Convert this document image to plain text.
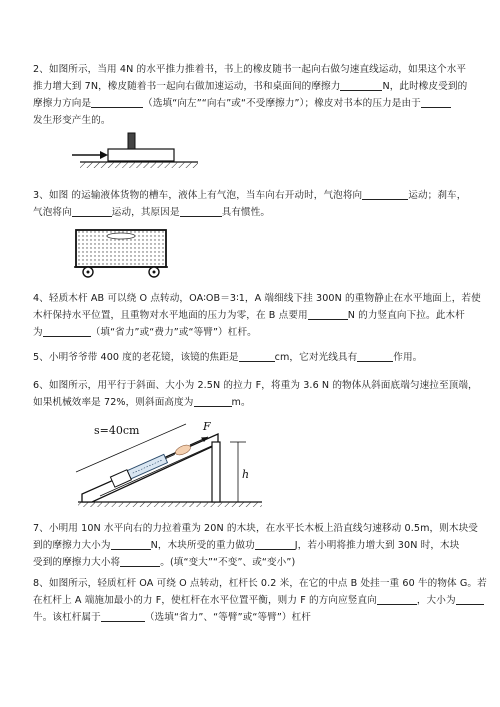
2、如图所示，当用 4N 的水平推力推着书，书上的橡皮随书一起向右做匀速直线运动，如果这个水平
推力增大到 7N，橡皮随着书一起向右做加速运动，书和桌面间的摩擦力	N，此时橡皮受到的
摩擦力方向是	（选填“向左”“向右”或“不受摩擦力”）；橡皮对书本的压力是由于
发生形变产生的。
3、如图 的运输液体货物的槽车，液体上有气泡，当车向右开动时，气泡将向	运动；刹车，
气泡将向	运动，其原因是	具有惯性。
4、轻质木杆 AB 可以绕 O 点转动，OA∶OB＝3∶1，A 端细线下挂 300N 的重物静止在水平地面上，若使
木杆保持水平位置，且重物对水平地面的压力为零，在 B 点要用	N 的力竖直向下拉。此木杆
为	（填“省力”或“费力”或“等臂”）杠杆。
5、小明爷爷带 400 度的老花镜，该镜的焦距是	cm，它对光线具有	作用。
6、如图所示，用平行于斜面、大小为 2.5N 的拉力 F，将重为 3.6 N 的物体从斜面底端匀速拉至顶端，
如果机械效率是 72%，则斜面高度为	m。
h
F
s=40cm
7、小明用 10N 水平向右的力拉着重为 20N 的木块，在水平长木板上沿直线匀速移动 0.5m，则木块受
到的摩擦力大小为	N，木块所受的重力做功	J，若小明将推力增大到 30N 时，木块
受到的摩擦力大小将	。(填“变大”“不变”、或“变小”)
8、如图所示，轻质杠杆 OA 可绕 O 点转动，杠杆长 0.2 米，在它的中点 B 处挂一重 60 牛的物体 G。若
在杠杆上 A 端施加最小的力 F，使杠杆在水平位置平衡，则力 F 的方向应竖直向	，大小为
牛。该杠杆属于	（选填“省力”、“等臂”或“等臂”）杠杆
